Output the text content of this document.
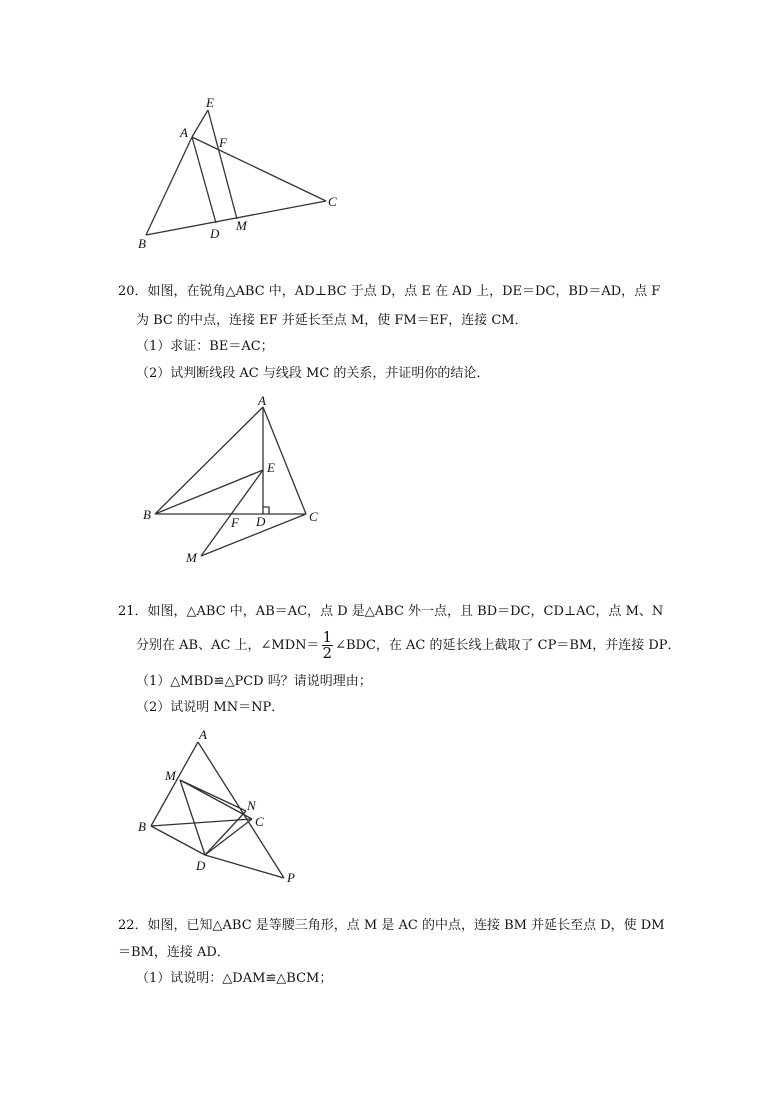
E
A
F
C
B
D
M
20．如图，在锐角△ABC 中，AD⊥BC 于点 D，点 E 在 AD 上，DE＝DC，BD＝AD，点 F
为 BC 的中点，连接 EF 并延长至点 M，使 FM＝EF，连接 CM．
（1）求证：BE＝AC；
（2）试判断线段 AC 与线段 MC 的关系，并证明你的结论．
A
E
B
F D	C
M
21．如图，△ABC 中，AB＝AC，点 D 是△ABC 外一点，且 BD＝DC，CD⊥AC，点 M、N
分别在 AB、AC 上，∠MDN＝ $\frac{1}{2}$ ∠BDC，在 AC 的延长线上截取了 CP＝BM，并连接 DP．
（1）△MBD≌△PCD 吗？请说明理由；
（2）试说明 MN＝NP．
A
M
N
B	C
D
P
22．如图，已知△ABC 是等腰三角形，点 M 是 AC 的中点，连接 BM 并延长至点 D，使 DM
＝BM，连接 AD．
（1）试说明：△DAM≌△BCM；
